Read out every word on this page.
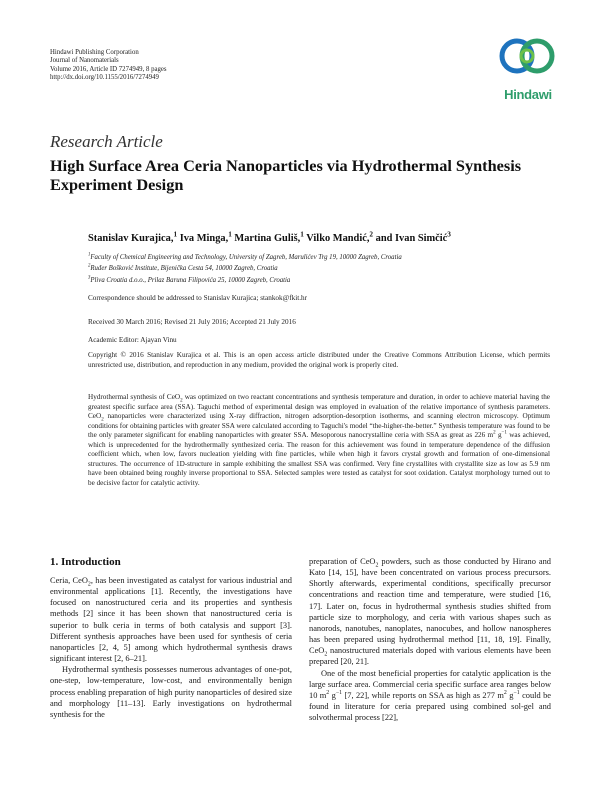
Hindawi Publishing Corporation
Journal of Nanomaterials
Volume 2016, Article ID 7274949, 8 pages
http://dx.doi.org/10.1155/2016/7274949
Hindawi
Research Article
High Surface Area Ceria Nanoparticles via Hydrothermal Synthesis Experiment Design
Stanislav Kurajica,$^1$ Iva Minga,$^1$ Martina Guliš,$^1$ Vilko Mandić,$^2$ and Ivan Simčić$^3$
$^1$Faculty of Chemical Engineering and Technology, University of Zagreb, Marulićev Trg 19, 10000 Zagreb, Croatia
$^2$Ruđer Bošković Institute, Bijenička Cesta 54, 10000 Zagreb, Croatia
$^3$Pliva Croatia d.o.o., Prilaz Baruna Filipovića 25, 10000 Zagreb, Croatia
Correspondence should be addressed to Stanislav Kurajica; stankok@fkit.hr
Received 30 March 2016; Revised 21 July 2016; Accepted 21 July 2016
Academic Editor: Ajayan Vinu
Copyright © 2016 Stanislav Kurajica et al. This is an open access article distributed under the Creative Commons Attribution License, which permits unrestricted use, distribution, and reproduction in any medium, provided the original work is properly cited.
Hydrothermal synthesis of CeO$_2$ was optimized on two reactant concentrations and synthesis temperature and duration, in order to achieve material having the greatest specific surface area (SSA). Taguchi method of experimental design was employed in evaluation of the relative importance of synthesis parameters. CeO$_2$ nanoparticles were characterized using X-ray diffraction, nitrogen adsorption-desorption isotherms, and scanning electron microscopy. Optimum conditions for obtaining particles with greater SSA were calculated according to Taguchi's model “the-higher-the-better.” Synthesis temperature was found to be the only parameter significant for enabling nanoparticles with greater SSA. Mesoporous nanocrystalline ceria with SSA as great as 226 $m^2$ $g^{-1}$ was achieved, which is unprecedented for the hydrothermally synthesized ceria. The reason for this achievement was found in temperature dependence of the diffusion coefficient which, when low, favors nucleation yielding with fine particles, while when high it favors crystal growth and formation of one-dimensional structures. The occurrence of 1D-structure in sample exhibiting the smallest SSA was confirmed. Very fine crystallites with crystallite size as low as 5.9 nm have been obtained being roughly inverse proportional to SSA. Selected samples were tested as catalyst for soot oxidation. Catalyst morphology turned out to be decisive factor for catalytic activity.
1. Introduction

Ceria, CeO$_2$, has been investigated as catalyst for various industrial and environmental applications [1]. Recently, the investigations have focused on nanostructured ceria and its properties and synthesis methods [2] since it has been shown that nanostructured ceria is superior to bulk ceria in terms of both catalysis and support [3]. Different synthesis approaches have been used for synthesis of ceria nanoparticles [2, 4, 5] among which hydrothermal synthesis draws significant interest [2, 6–21].

Hydrothermal synthesis possesses numerous advantages of one-pot, one-step, low-temperature, low-cost, and environmentally benign process enabling preparation of high purity nanoparticles of desired size and morphology [11–13]. Early investigations on hydrothermal synthesis for the

preparation of CeO$_2$ powders, such as those conducted by Hirano and Kato [14, 15], have been concentrated on various process precursors. Shortly afterwards, experimental conditions, specifically precursor concentrations and reaction time and temperature, were studied [16, 17]. Later on, focus in hydrothermal synthesis studies shifted from particle size to morphology, and ceria with various shapes such as nanorods, nanotubes, nanoplates, nanocubes, and hollow nanospheres has been prepared using hydrothermal method [11, 18, 19]. Finally, CeO$_2$ nanostructured materials doped with various elements have been prepared [20, 21].

One of the most beneficial properties for catalytic application is the large surface area. Commercial ceria specific surface area ranges below 10 $m^2$ $g^{-1}$ [7, 22], while reports on SSA as high as 277 $m^2$ $g^{-1}$ could be found in literature for ceria prepared using combined sol-gel and solvothermal process [22],
